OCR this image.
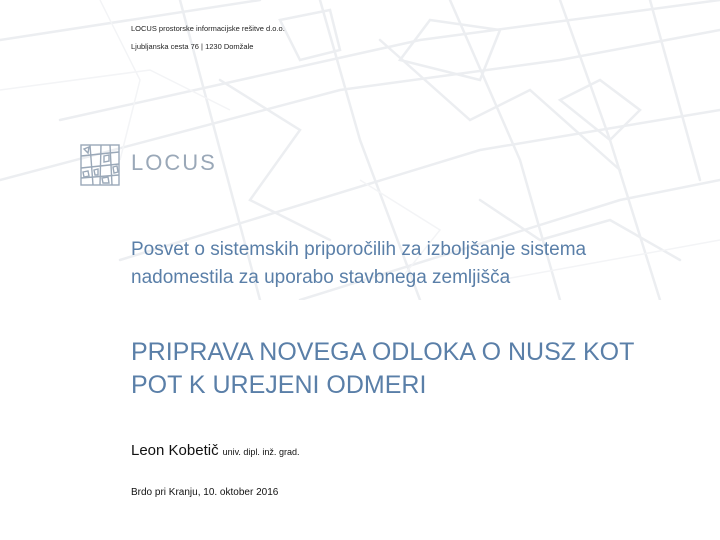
LOCUS prostorske informacijske rešitve d.o.o.
Ljubljanska cesta 76 | 1230 Domžale
LOCUS
Posvet o sistemskih priporočilih za izboljšanje sistema nadomestila za uporabo stavbnega zemljišča
PRIPRAVA NOVEGA ODLOKA O NUSZ KOT POT K UREJENI ODMERI
Leon Kobetič univ. dipl. inž. grad.
Brdo pri Kranju, 10. oktober 2016
